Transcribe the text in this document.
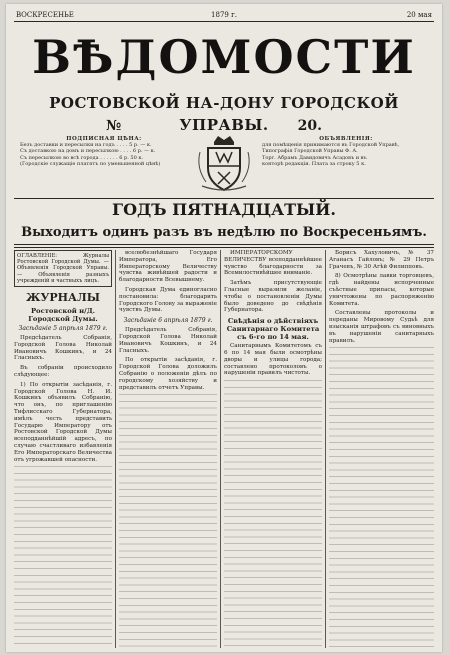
ВОСКРЕСЕНЬЕ	1879 г.	20 мая
ВѢДОМОСТИ
РОСТОВСКОЙ НА-ДОНУ ГОРОДСКОЙ УПРАВЫ.
№	20.
ПОДПИСНАЯ ЦѢНА:
Безъ доставки и пересылки на годъ . . . . 5 р. — к.
Съ доставкою на домъ и пересылкою . . . . 6 р. — к.
Съ пересылкою во всѣ города . . . . . . 6 р. 50 к.
(Городскіе служащіе платятъ по уменьшенной цѣнѣ)
ОБЪЯВЛЕНІЯ:
для помѣщенія принимаются въ Городской Управѣ,
Типографія Городской Управы Ф. А.
Торг. Абрамъ Давидовичъ Асадовъ и въ
конторѣ редакціи. Плата за строку 5 к.
ГОДЪ ПЯТНАДЦАТЫЙ.
Выходитъ одинъ разъ въ недѣлю по Воскресеньямъ.

ОГЛАВЛЕНІЕ: Журналы Ростовской Городской Думы. — Объявленія Городской Управы. — Объявленія разныхъ учрежденій и частныхъ лицъ.

ЖУРНАЛЫ

Ростовской н/Д. Городской Думы.

Засѣданіе 5 апрѣля 1879 г.

Предсѣдатель Собранія, Городской Голова Николай Ивановичъ Кошкинъ, и 24 Гласныхъ.

Въ собраніи происходило слѣдующее:

1) По открытіи засѣданія, г. Городской Голова Н. И. Кошкинъ объявилъ Собранію, что онъ, по приглашенію Тифлисскаго Губернатора, имѣлъ честь представить Государю Императору отъ Ростовской Городской Думы всеподданнѣйшій адресъ, по случаю счастливаго избавленія Его Императорскаго Величества отъ угрожавшей опасности.

вселюбезнѣйшаго Государя Императора, Его Императорскому Величеству чувства живѣйшей радости и благодарности Всевышнему.

Городская Дума единогласно постановила: благодарить Городского Голову за выраженіе чувствъ Думы.

Засѣданіе 6 апрѣля 1879 г.

Предсѣдатель Собранія, Городской Голова Николай Ивановичъ Кошкинъ, и 24 Гласныхъ.

По открытіи засѣданія, г. Городской Голова доложилъ Собранію о положеніи дѣлъ по городскому хозяйству и представилъ отчетъ Управы.

ИМПЕРАТОРСКОМУ ВЕЛИЧЕСТВУ всеподданнѣйшее чувство благодарности за Всемилостивѣйшее вниманіе.

Затѣмъ присутствующіе Гласные выразили желаніе, чтобы о постановленіи Думы было доведено до свѣдѣнія Губернатора.

Свѣдѣнія о дѣйствіяхъ Санитарнаго Комитета съ 6-го по 14 мая.

Санитарнымъ Комитетомъ съ 6 по 14 мая были осмотрѣны дворы и улицы города; составлено протоколовъ о нарушеніи правилъ чистоты.

Борисъ Хахуловичъ, № 37 Аганасъ Гайловъ; № 29 Петръ Грачевъ, № 30 Агѣй Филипповъ.

8) Осмотрѣны лавки торговцевъ, гдѣ найдены испорченные съѣстные припасы, которые уничтожены по распоряженію Комитета.

Составлены протоколы и переданы Мировому Судьѣ для взысканія штрафовъ съ виновныхъ въ нарушеніи санитарныхъ правилъ.
